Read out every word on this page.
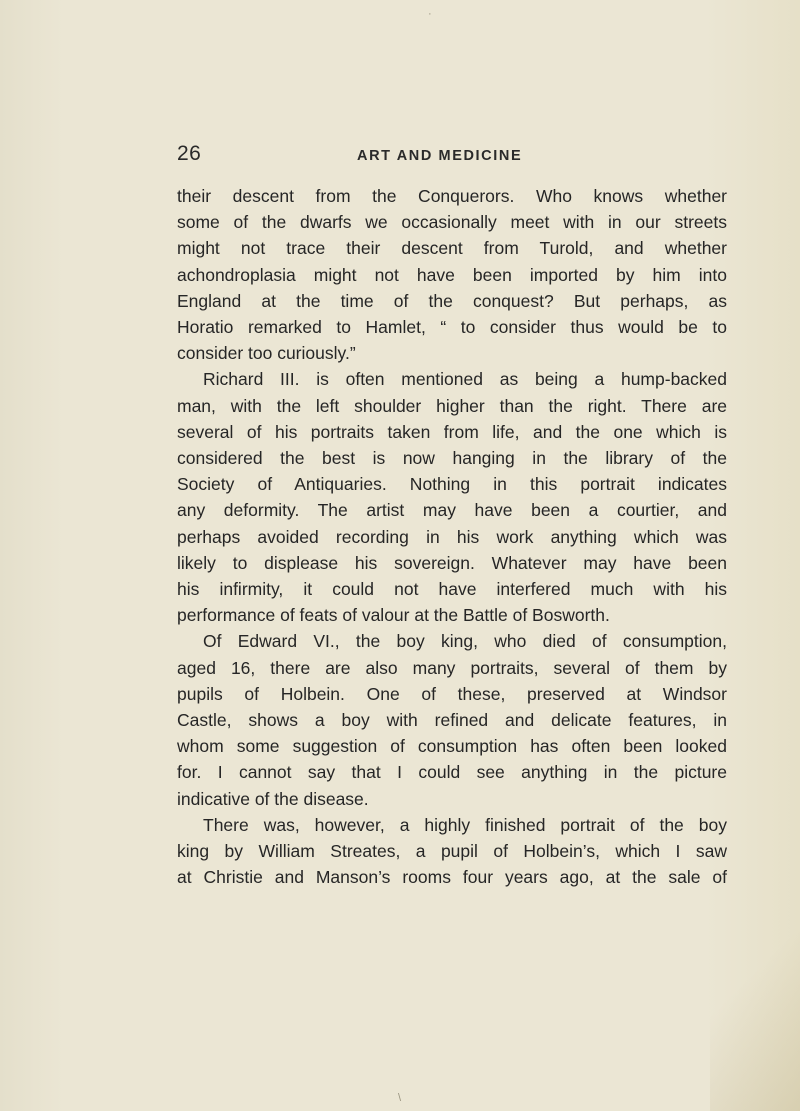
·
\
26	ART AND MEDICINE
their descent from the Conquerors. Who knows whether
some of the dwarfs we occasionally meet with in our streets
might not trace their descent from Turold, and whether
achondroplasia might not have been imported by him into
England at the time of the conquest? But perhaps, as
Horatio remarked to Hamlet, “ to consider thus would be to
consider too curiously.”
Richard III. is often mentioned as being a hump-backed
man, with the left shoulder higher than the right. There are
several of his portraits taken from life, and the one which is
considered the best is now hanging in the library of the
Society of Antiquaries. Nothing in this portrait indicates
any deformity. The artist may have been a courtier, and
perhaps avoided recording in his work anything which was
likely to displease his sovereign. Whatever may have been
his infirmity, it could not have interfered much with his
performance of feats of valour at the Battle of Bosworth.
Of Edward VI., the boy king, who died of consumption,
aged 16, there are also many portraits, several of them by
pupils of Holbein. One of these, preserved at Windsor
Castle, shows a boy with refined and delicate features, in
whom some suggestion of consumption has often been looked
for. I cannot say that I could see anything in the picture
indicative of the disease.
There was, however, a highly finished portrait of the boy
king by William Streates, a pupil of Holbein’s, which I saw
at Christie and Manson’s rooms four years ago, at the sale of
